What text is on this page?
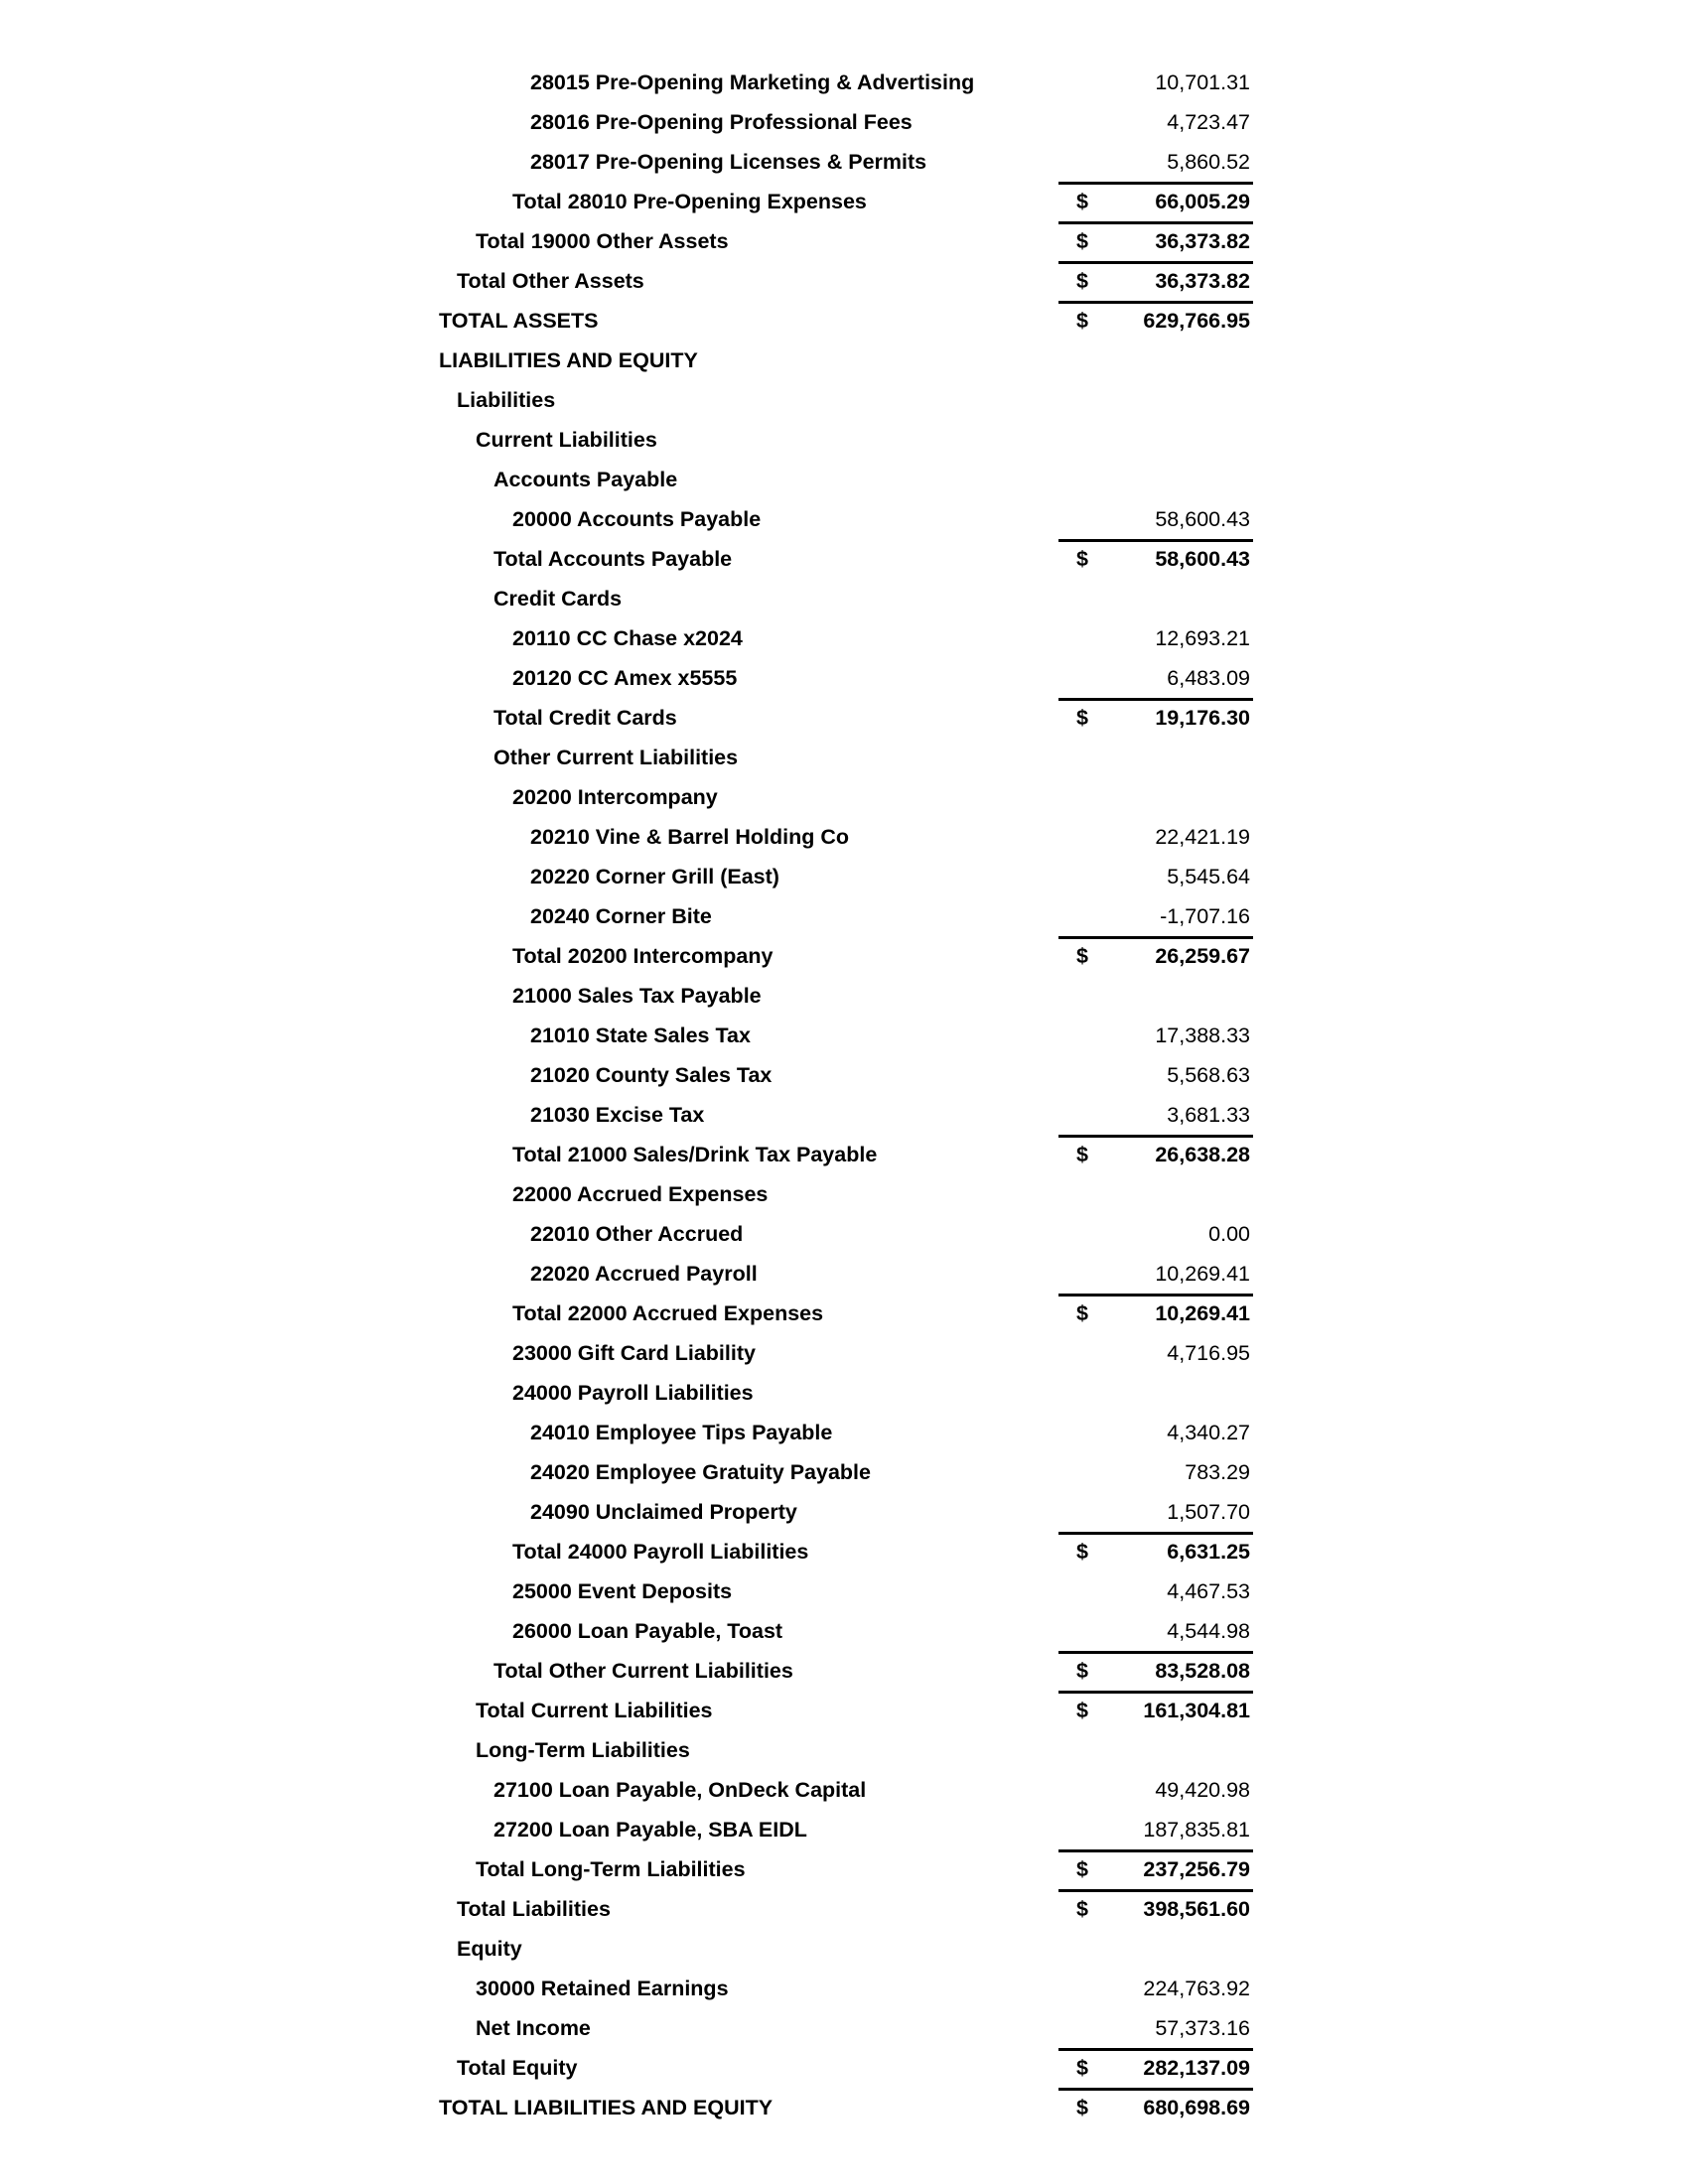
28015 Pre-Opening Marketing & Advertising	10,701.31
28016 Pre-Opening Professional Fees	4,723.47
28017 Pre-Opening Licenses & Permits	5,860.52
Total 28010 Pre-Opening Expenses	$	66,005.29
Total 19000 Other Assets	$	36,373.82
Total Other Assets	$	36,373.82
TOTAL ASSETS	$	629,766.95
LIABILITIES AND EQUITY
Liabilities
Current Liabilities
Accounts Payable
20000 Accounts Payable	58,600.43
Total Accounts Payable	$	58,600.43
Credit Cards
20110 CC Chase x2024	12,693.21
20120 CC Amex x5555	6,483.09
Total Credit Cards	$	19,176.30
Other Current Liabilities
20200 Intercompany
20210 Vine & Barrel Holding Co	22,421.19
20220 Corner Grill (East)	5,545.64
20240 Corner Bite	-1,707.16
Total 20200 Intercompany	$	26,259.67
21000 Sales Tax Payable
21010 State Sales Tax	17,388.33
21020 County Sales Tax	5,568.63
21030 Excise Tax	3,681.33
Total 21000 Sales/Drink Tax Payable	$	26,638.28
22000 Accrued Expenses
22010 Other Accrued	0.00
22020 Accrued Payroll	10,269.41
Total 22000 Accrued Expenses	$	10,269.41
23000 Gift Card Liability	4,716.95
24000 Payroll Liabilities
24010 Employee Tips Payable	4,340.27
24020 Employee Gratuity Payable	783.29
24090 Unclaimed Property	1,507.70
Total 24000 Payroll Liabilities	$	6,631.25
25000 Event Deposits	4,467.53
26000 Loan Payable, Toast	4,544.98
Total Other Current Liabilities	$	83,528.08
Total Current Liabilities	$	161,304.81
Long-Term Liabilities
27100 Loan Payable, OnDeck Capital	49,420.98
27200 Loan Payable, SBA EIDL	187,835.81
Total Long-Term Liabilities	$	237,256.79
Total Liabilities	$	398,561.60
Equity
30000 Retained Earnings	224,763.92
Net Income	57,373.16
Total Equity	$	282,137.09
TOTAL LIABILITIES AND EQUITY	$	680,698.69
